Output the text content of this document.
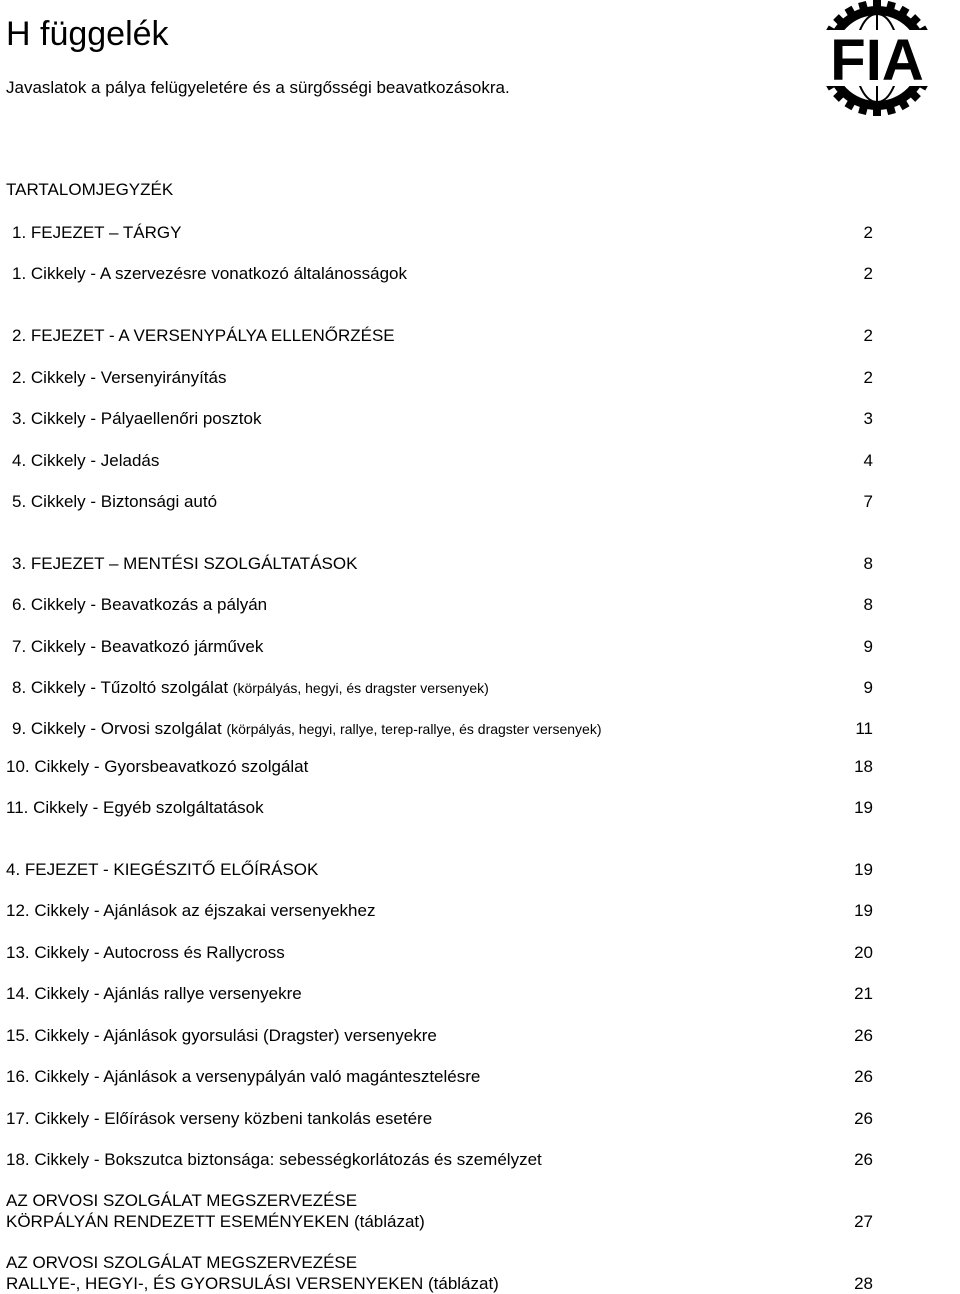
H függelék
Javaslatok a pálya felügyeletére és a sürgősségi beavatkozásokra.	FIA
TARTALOMJEGYZÉK
1. FEJEZET – TÁRGY	2
1. Cikkely - A szervezésre vonatkozó általánosságok	2
2. FEJEZET - A VERSENYPÁLYA ELLENŐRZÉSE	2
2. Cikkely - Versenyirányítás	2
3. Cikkely - Pályaellenőri posztok	3
4. Cikkely - Jeladás	4
5. Cikkely - Biztonsági autó	7
3. FEJEZET – MENTÉSI SZOLGÁLTATÁSOK	8
6. Cikkely - Beavatkozás a pályán	8
7. Cikkely - Beavatkozó járművek	9
8. Cikkely - Tűzoltó szolgálat (körpályás, hegyi, és dragster versenyek)	9
9. Cikkely - Orvosi szolgálat (körpályás, hegyi, rallye, terep-rallye, és dragster versenyek)	11
10. Cikkely - Gyorsbeavatkozó szolgálat	18
11. Cikkely - Egyéb szolgáltatások	19
4. FEJEZET - KIEGÉSZITŐ ELŐÍRÁSOK	19
12. Cikkely - Ajánlások az éjszakai versenyekhez	19
13. Cikkely - Autocross és Rallycross	20
14. Cikkely - Ajánlás rallye versenyekre	21
15. Cikkely - Ajánlások gyorsulási (Dragster) versenyekre	26
16. Cikkely - Ajánlások a versenypályán való magántesztelésre	26
17. Cikkely - Előírások verseny közbeni tankolás esetére	26
18. Cikkely - Bokszutca biztonsága: sebességkorlátozás és személyzet	26
AZ ORVOSI SZOLGÁLAT MEGSZERVEZÉSE
KÖRPÁLYÁN RENDEZETT ESEMÉNYEKEN (táblázat)	27
AZ ORVOSI SZOLGÁLAT MEGSZERVEZÉSE
RALLYE-, HEGYI-, ÉS GYORSULÁSI VERSENYEKEN (táblázat)	28
